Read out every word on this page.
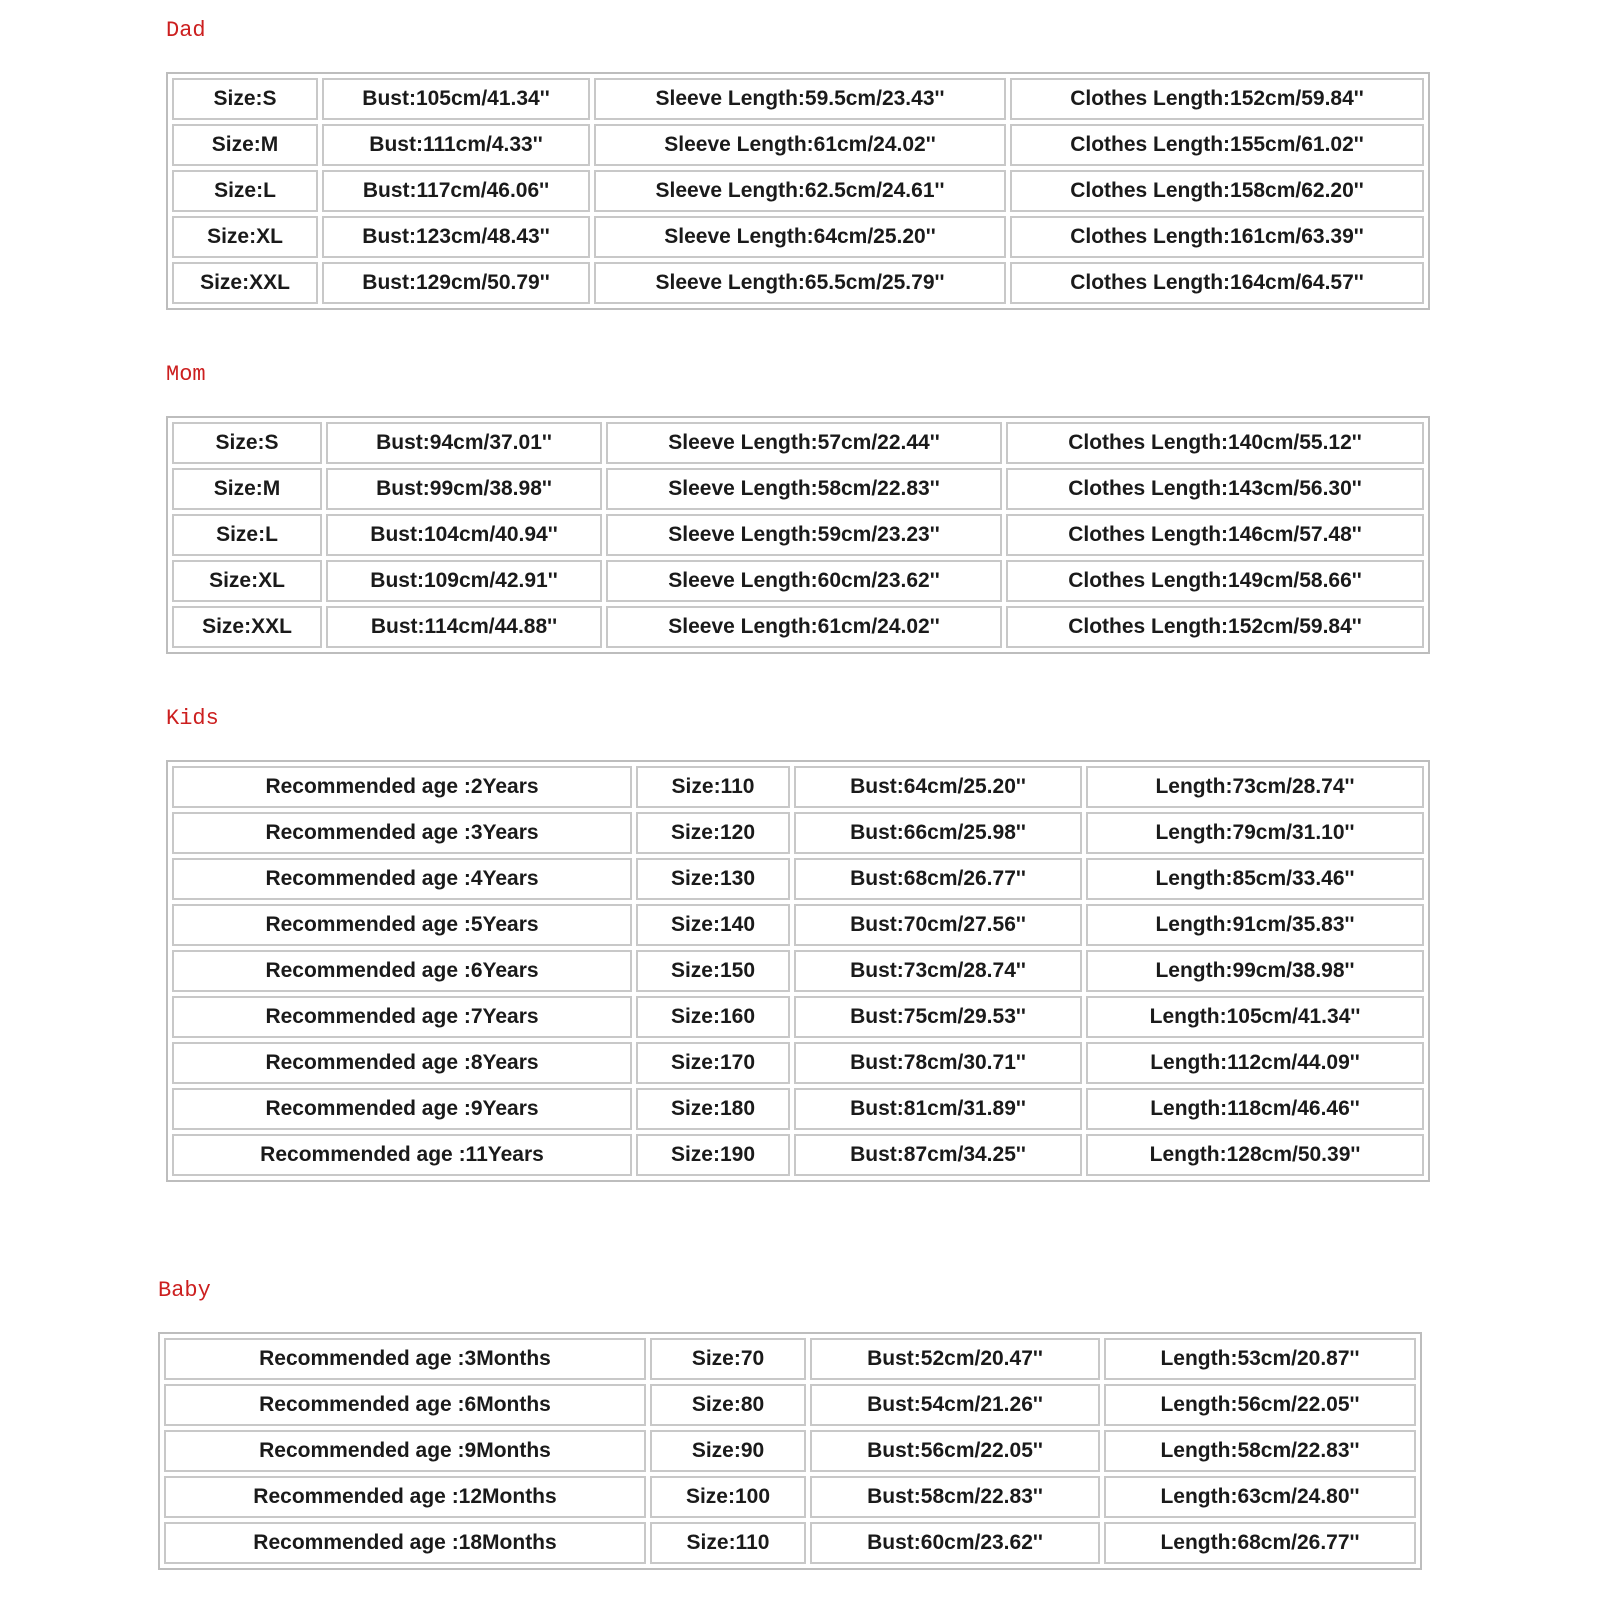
Dad
Size:S	Bust:105cm/41.34''	Sleeve Length:59.5cm/23.43''	Clothes Length:152cm/59.84''
Size:M	Bust:111cm/4.33''	Sleeve Length:61cm/24.02''	Clothes Length:155cm/61.02''
Size:L	Bust:117cm/46.06''	Sleeve Length:62.5cm/24.61''	Clothes Length:158cm/62.20''
Size:XL	Bust:123cm/48.43''	Sleeve Length:64cm/25.20''	Clothes Length:161cm/63.39''
Size:XXL	Bust:129cm/50.79''	Sleeve Length:65.5cm/25.79''	Clothes Length:164cm/64.57''
Mom
Size:S	Bust:94cm/37.01''	Sleeve Length:57cm/22.44''	Clothes Length:140cm/55.12''
Size:M	Bust:99cm/38.98''	Sleeve Length:58cm/22.83''	Clothes Length:143cm/56.30''
Size:L	Bust:104cm/40.94''	Sleeve Length:59cm/23.23''	Clothes Length:146cm/57.48''
Size:XL	Bust:109cm/42.91''	Sleeve Length:60cm/23.62''	Clothes Length:149cm/58.66''
Size:XXL	Bust:114cm/44.88''	Sleeve Length:61cm/24.02''	Clothes Length:152cm/59.84''
Kids
Recommended age :2Years	Size:110	Bust:64cm/25.20''	Length:73cm/28.74''
Recommended age :3Years	Size:120	Bust:66cm/25.98''	Length:79cm/31.10''
Recommended age :4Years	Size:130	Bust:68cm/26.77''	Length:85cm/33.46''
Recommended age :5Years	Size:140	Bust:70cm/27.56''	Length:91cm/35.83''
Recommended age :6Years	Size:150	Bust:73cm/28.74''	Length:99cm/38.98''
Recommended age :7Years	Size:160	Bust:75cm/29.53''	Length:105cm/41.34''
Recommended age :8Years	Size:170	Bust:78cm/30.71''	Length:112cm/44.09''
Recommended age :9Years	Size:180	Bust:81cm/31.89''	Length:118cm/46.46''
Recommended age :11Years	Size:190	Bust:87cm/34.25''	Length:128cm/50.39''
Baby
Recommended age :3Months	Size:70	Bust:52cm/20.47''	Length:53cm/20.87''
Recommended age :6Months	Size:80	Bust:54cm/21.26''	Length:56cm/22.05''
Recommended age :9Months	Size:90	Bust:56cm/22.05''	Length:58cm/22.83''
Recommended age :12Months	Size:100	Bust:58cm/22.83''	Length:63cm/24.80''
Recommended age :18Months	Size:110	Bust:60cm/23.62''	Length:68cm/26.77''
